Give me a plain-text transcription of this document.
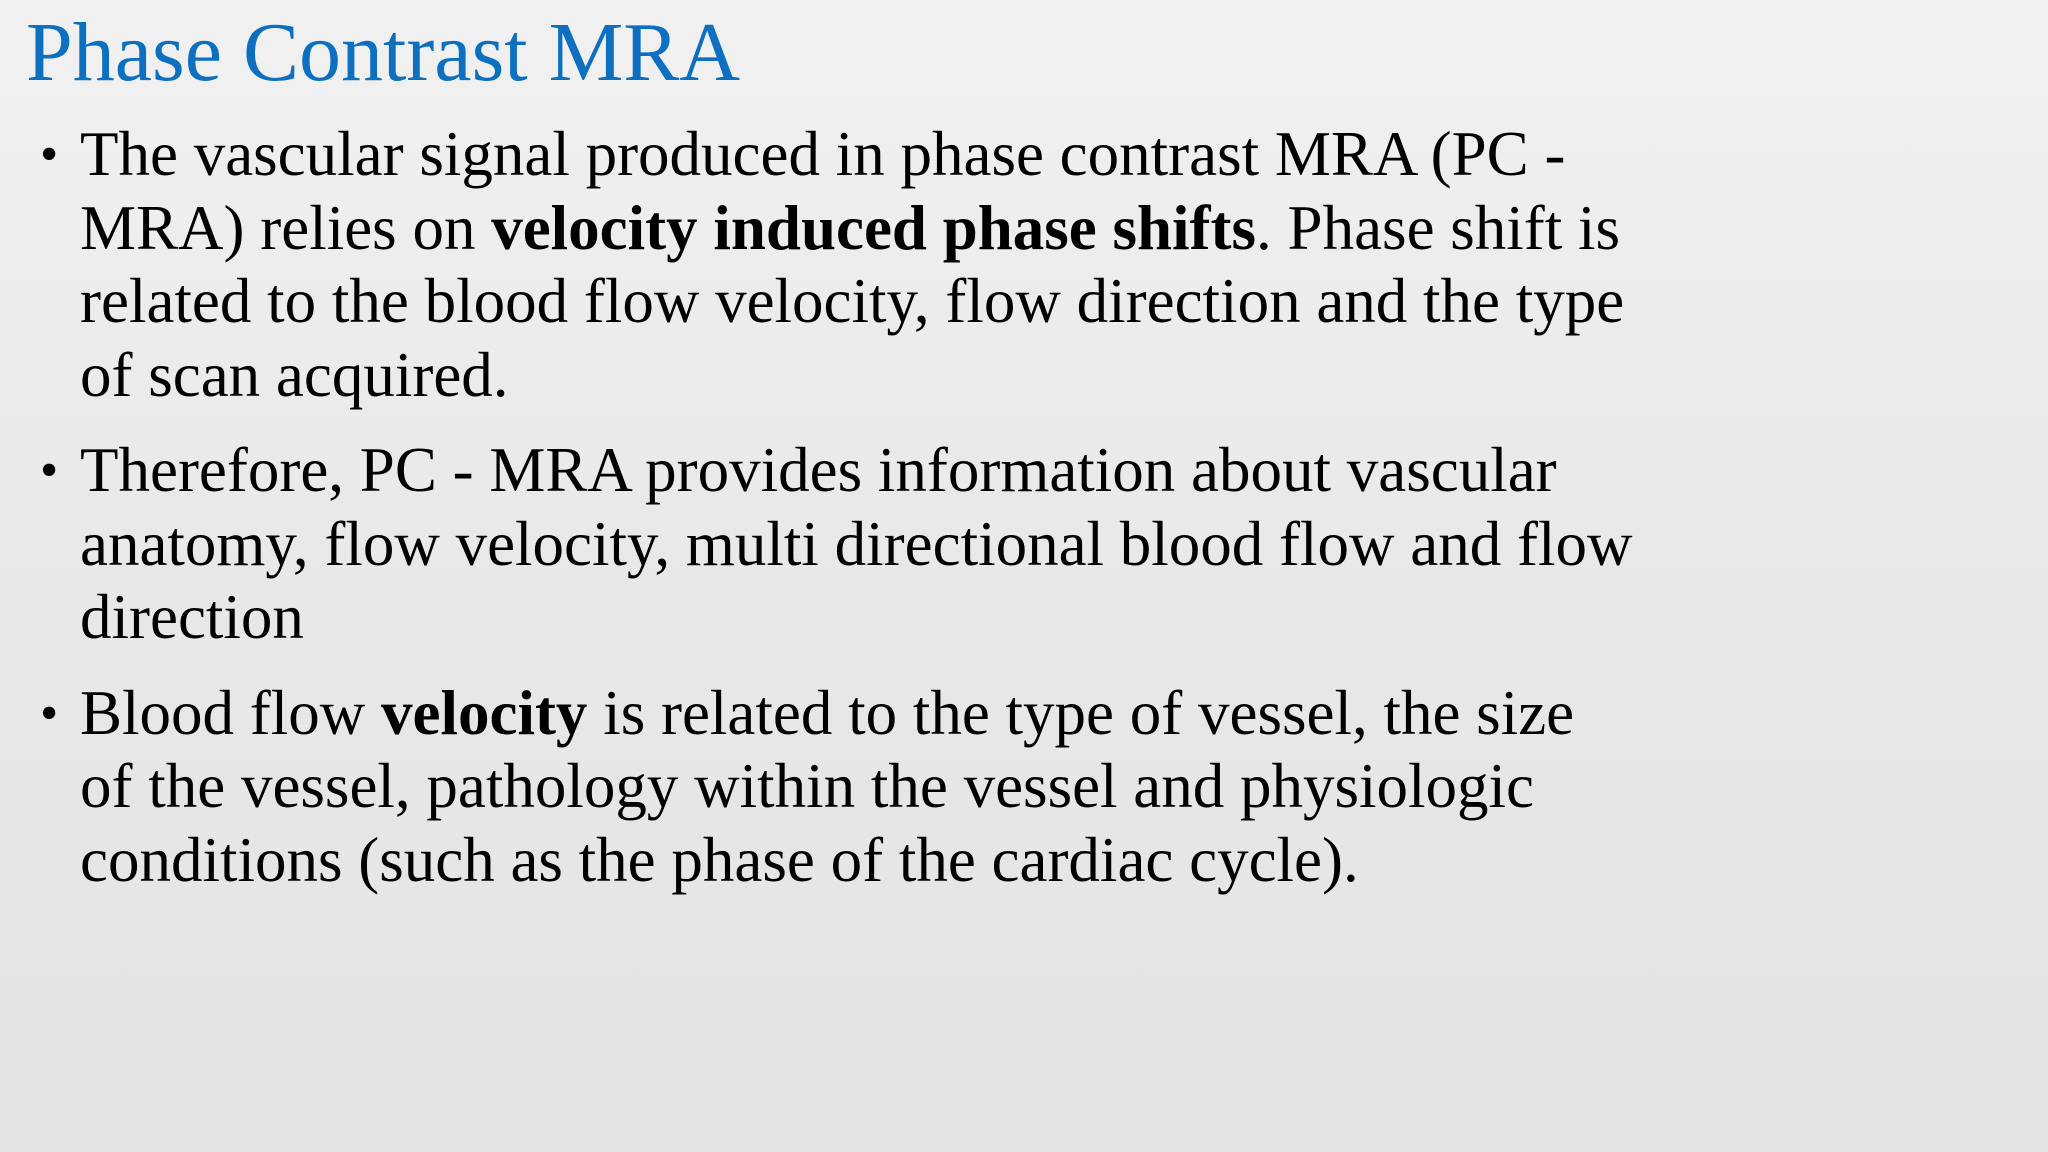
Phase Contrast MRA
• The vascular signal produced in phase contrast MRA (PC -
MRA) relies on velocity induced phase shifts. Phase shift is
related to the blood flow velocity, flow direction and the type
of scan acquired.
• Therefore, PC - MRA provides information about vascular
anatomy, flow velocity, multi directional blood flow and flow
direction
• Blood flow velocity is related to the type of vessel, the size
of the vessel, pathology within the vessel and physiologic
conditions (such as the phase of the cardiac cycle).
